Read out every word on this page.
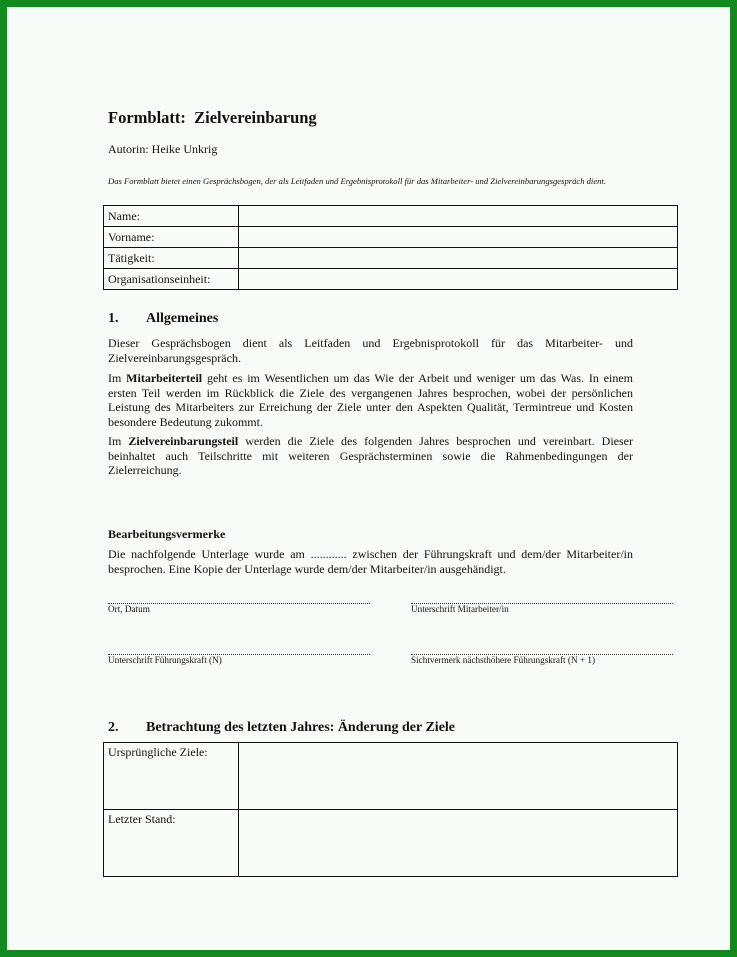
Formblatt:  Zielvereinbarung
Autorin: Heike Unkrig
Das Formblatt bietet einen Gesprächsbogen, der als Leitfaden und Ergebnisprotokoll für das Mitarbeiter- und Zielvereinbarungsgespräch dient.
Name:	
Vorname:	
Tätigkeit:	
Organisationseinheit:	
1. Allgemeines
Dieser Gesprächsbogen dient als Leitfaden und Ergebnisprotokoll für das Mitarbeiter- und Zielvereinbarungsgespräch.
Im Mitarbeiterteil geht es im Wesentlichen um das Wie der Arbeit und weniger um das Was. In einem ersten Teil werden im Rückblick die Ziele des vergangenen Jahres besprochen, wobei der persönlichen Leistung des Mitarbeiters zur Erreichung der Ziele unter den Aspekten Qualität, Termintreue und Kosten besondere Bedeutung zukommt.
Im Zielvereinbarungsteil werden die Ziele des folgenden Jahres besprochen und vereinbart. Dieser beinhaltet auch Teilschritte mit weiteren Gesprächsterminen sowie die Rahmenbedingungen der Zielerreichung.
Bearbeitungsvermerke
Die nachfolgende Unterlage wurde am ............ zwischen der Führungskraft und dem/der Mitarbeiter/in besprochen. Eine Kopie der Unterlage wurde dem/der Mitarbeiter/in ausgehändigt.
Ort, Datum	Unterschrift Mitarbeiter/in
Unterschrift Führungskraft (N)	Sichtvermerk nächsthöhere Führungskraft (N + 1)
2. Betrachtung des letzten Jahres: Änderung der Ziele
Ursprüngliche Ziele:	
Letzter Stand:	
